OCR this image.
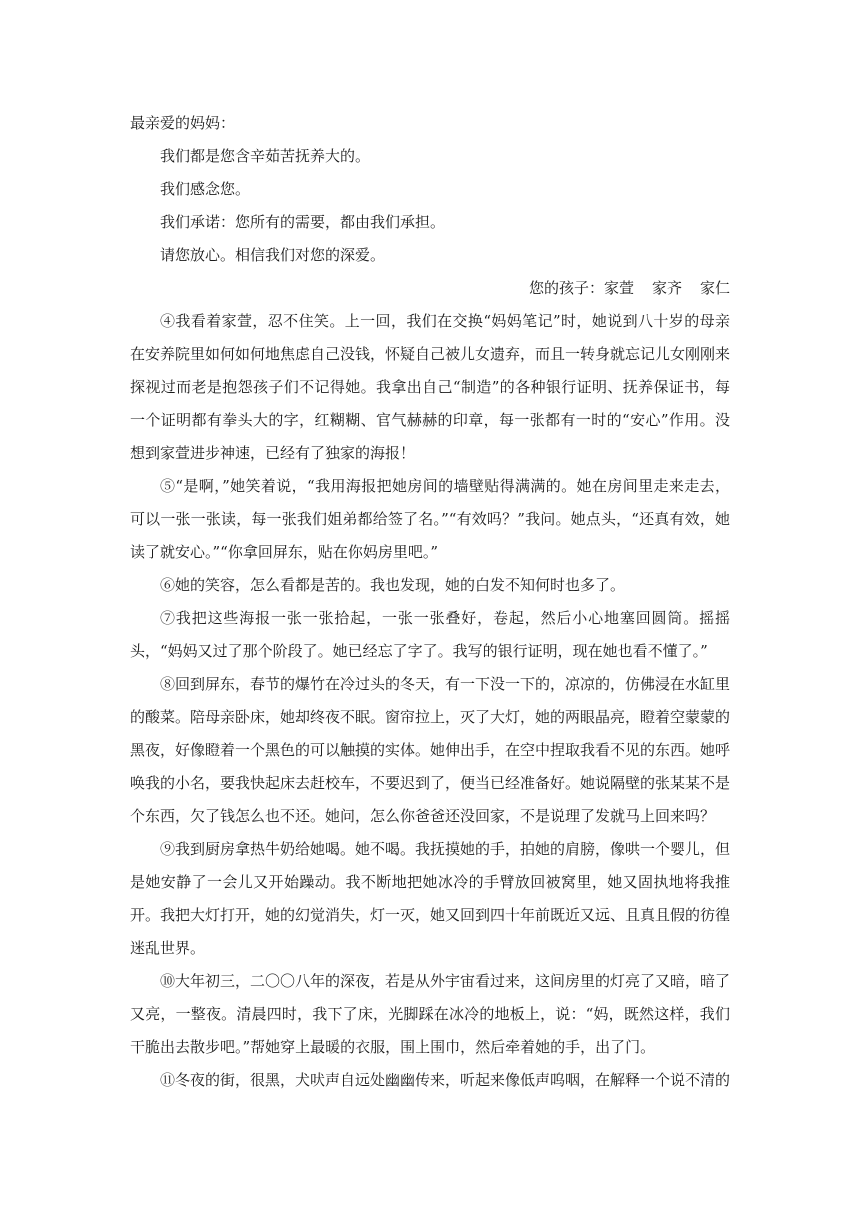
最亲爱的妈妈：

我们都是您含辛茹苦抚养大的。

我们感念您。

我们承诺：您所有的需要，都由我们承担。

请您放心。相信我们对您的深爱。

您的孩子：家萱 家齐 家仁

④我看着家萱，忍不住笑。上一回，我们在交换“妈妈笔记”时，她说到八十岁的母亲在安养院里如何如何地焦虑自己没钱，怀疑自己被儿女遗弃，而且一转身就忘记儿女刚刚来探视过而老是抱怨孩子们不记得她。我拿出自己“制造”的各种银行证明、抚养保证书，每一个证明都有拳头大的字，红糊糊、官气赫赫的印章，每一张都有一时的“安心”作用。没想到家萱进步神速，已经有了独家的海报！

⑤“是啊，”她笑着说，“我用海报把她房间的墙壁贴得满满的。她在房间里走来走去，可以一张一张读，每一张我们姐弟都给签了名。”“有效吗？”我问。她点头，“还真有效，她读了就安心。”“你拿回屏东，贴在你妈房里吧。”

⑥她的笑容，怎么看都是苦的。我也发现，她的白发不知何时也多了。

⑦我把这些海报一张一张拾起，一张一张叠好，卷起，然后小心地塞回圆筒。摇摇头，“妈妈又过了那个阶段了。她已经忘了字了。我写的银行证明，现在她也看不懂了。”

⑧回到屏东，春节的爆竹在冷过头的冬天，有一下没一下的，凉凉的，仿佛浸在水缸里的酸菜。陪母亲卧床，她却终夜不眠。窗帘拉上，灭了大灯，她的两眼晶亮，瞪着空蒙蒙的黑夜，好像瞪着一个黑色的可以触摸的实体。她伸出手，在空中捏取我看不见的东西。她呼唤我的小名，要我快起床去赶校车，不要迟到了，便当已经准备好。她说隔壁的张某某不是个东西，欠了钱怎么也不还。她问，怎么你爸爸还没回家，不是说理了发就马上回来吗？

⑨我到厨房拿热牛奶给她喝。她不喝。我抚摸她的手，拍她的肩膀，像哄一个婴儿，但是她安静了一会儿又开始躁动。我不断地把她冰冷的手臂放回被窝里，她又固执地将我推开。我把大灯打开，她的幻觉消失，灯一灭，她又回到四十年前既近又远、且真且假的彷徨迷乱世界。

⑩大年初三，二〇〇八年的深夜，若是从外宇宙看过来，这间房里的灯亮了又暗，暗了又亮，一整夜。清晨四时，我下了床，光脚踩在冰冷的地板上，说：“妈，既然这样，我们干脆出去散步吧。”帮她穿上最暖的衣服，围上围巾，然后牵着她的手，出了门。

⑪冬夜的街，很黑，犬吠声自远处幽幽传来，听起来像低声呜咽，在解释一个说不清的
